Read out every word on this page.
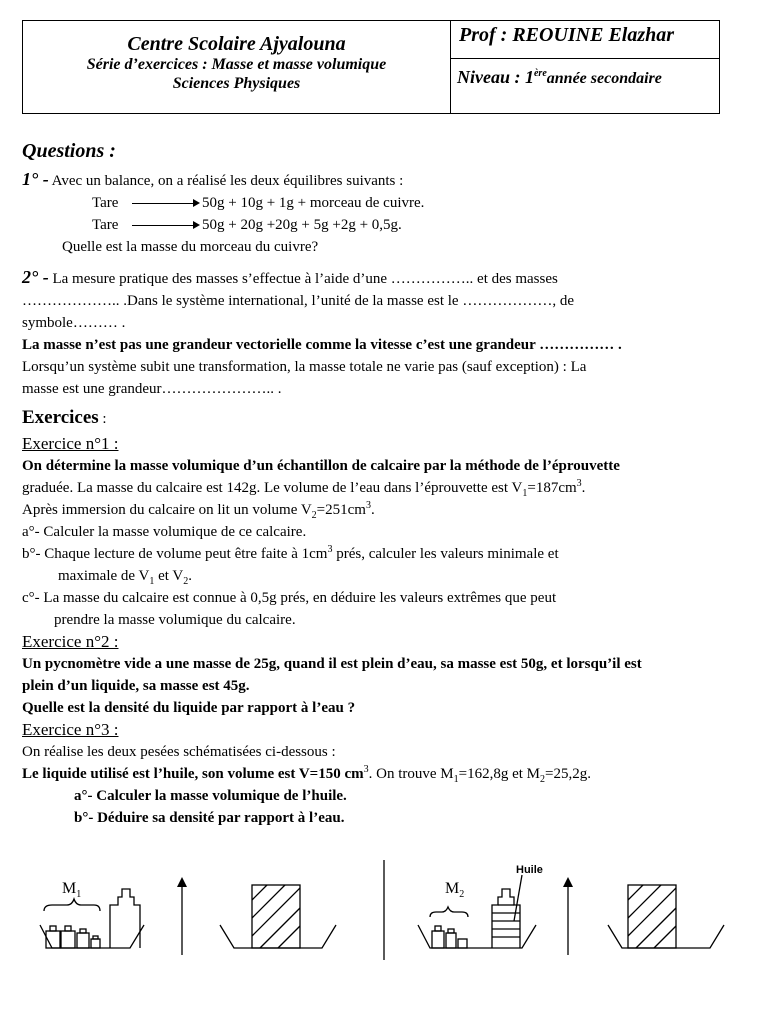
Centre Scolaire Ajyalouna
Série d’exercices : Masse et masse volumique
Sciences Physiques
Prof : REOUINE Elazhar
Niveau : 1èreannée secondaire

Questions :

1° - Avec un balance, on a réalisé les deux équilibres suivants :

Tare	50g + 10g + 1g + morceau de cuivre.
Tare	50g + 20g +20g + 5g +2g + 0,5g.

Quelle est la masse du morceau du cuivre?

2° - La mesure pratique des masses s’effectue à l’aide d’une …………….. et des masses

……………….. .Dans le système international, l’unité de la masse est le ………………, de

symbole……… .

La masse n’est pas une grandeur vectorielle comme la vitesse c’est une grandeur …………… .

Lorsqu’un système subit une transformation, la masse totale ne varie pas (sauf exception) : La

masse est une grandeur………………….. .

Exercices :

Exercice n°1 :

On détermine la masse volumique d’un échantillon de calcaire par la méthode de l’éprouvette

graduée. La masse du calcaire est 142g. Le volume de l’eau dans l’éprouvette est $V_1=187cm^3$.

Après immersion du calcaire on lit un volume $V_2=251cm^3$.

a°- Calculer la masse volumique de ce calcaire.

b°- Chaque lecture de volume peut être faite à $1cm^3$ prés, calculer les valeurs minimale et

maximale de $V_1$ et $V_2$.

c°- La masse du calcaire est connue à 0,5g prés, en déduire les valeurs extrêmes que peut

prendre la masse volumique du calcaire.

Exercice n°2 :

Un pycnomètre vide a une masse de 25g, quand il est plein d’eau, sa masse est 50g, et lorsqu’il est

plein d’un liquide, sa masse est 45g.

Quelle est la densité du liquide par rapport à l’eau ?

Exercice n°3 :

On réalise les deux pesées schématisées ci-dessous :

Le liquide utilisé est l’huile, son volume est V=150 $cm^3$. On trouve $M_1=162,8g$ et $M_2=25,2g$.

a°- Calculer la masse volumique de l’huile.

b°- Déduire sa densité par rapport à l’eau.

$M_1$	$M_2$
Huile
